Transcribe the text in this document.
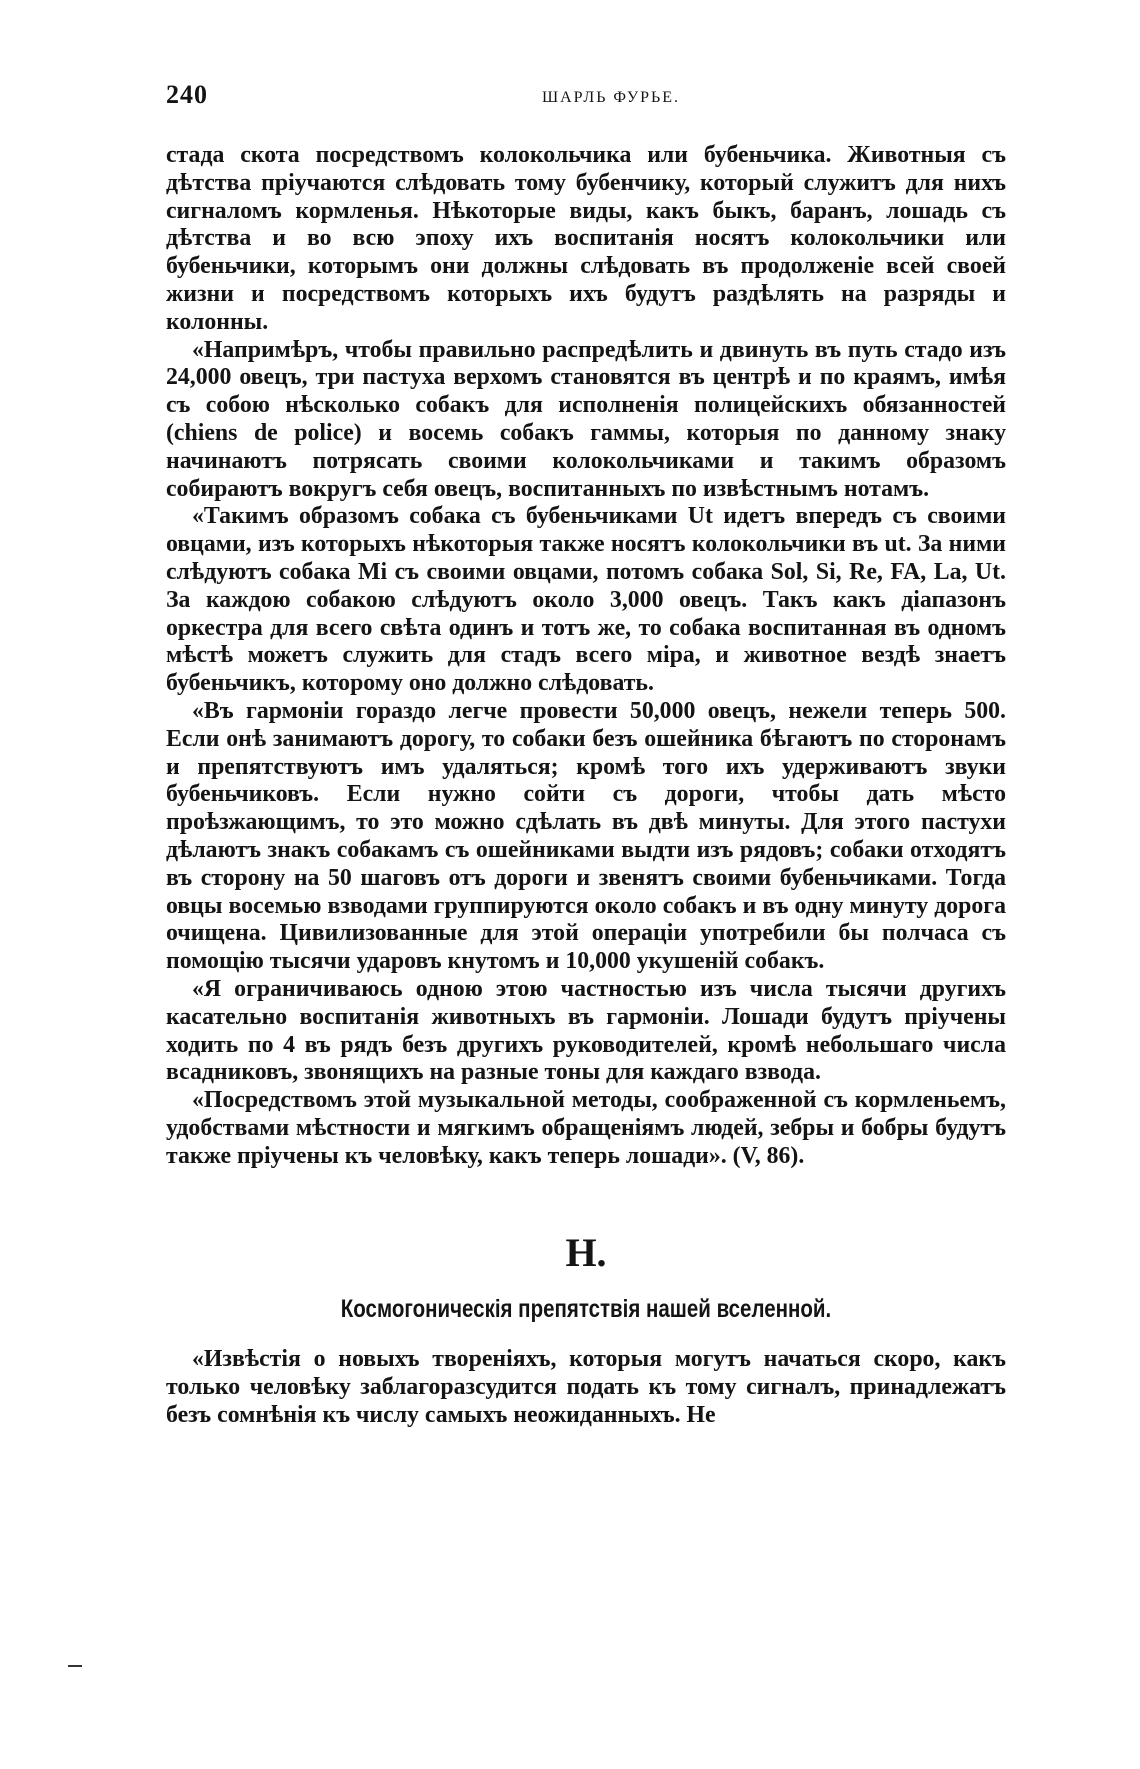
240	ШАРЛЬ ФУРЬЕ.

стада скота посредствомъ колокольчика или бубеньчика. Животныя съ дѣтства пріучаются слѣдовать тому бубенчику, который служитъ для нихъ сигналомъ кормленья. Нѣкоторые виды, какъ быкъ, баранъ, лошадь съ дѣтства и во всю эпоху ихъ воспитанія носятъ колокольчики или бубеньчики, которымъ они должны слѣдовать въ продолженіе всей своей жизни и посредствомъ которыхъ ихъ будутъ раздѣлять на разряды и колонны.

«Напримѣръ, чтобы правильно распредѣлить и двинуть въ путь стадо изъ 24,000 овецъ, три пастуха верхомъ становятся въ центрѣ и по краямъ, имѣя съ собою нѣсколько собакъ для исполненія полицейскихъ обязанностей (chiens de police) и восемь собакъ гаммы, которыя по данному знаку начинаютъ потрясать своими колокольчиками и такимъ образомъ собираютъ вокругъ себя овецъ, воспитанныхъ по извѣстнымъ нотамъ.

«Такимъ образомъ собака съ бубеньчиками Ut идетъ впередъ съ своими овцами, изъ которыхъ нѣкоторыя также носятъ колокольчики въ ut. За ними слѣдуютъ собака Mi съ своими овцами, потомъ собака Sol, Si, Re, FA, La, Ut. За каждою собакою слѣдуютъ около 3,000 овецъ. Такъ какъ діапазонъ оркестра для всего свѣта одинъ и тотъ же, то собака воспитанная въ одномъ мѣстѣ можетъ служить для стадъ всего міра, и животное вездѣ знаетъ бубеньчикъ, которому оно должно слѣдовать.

«Въ гармоніи гораздо легче провести 50,000 овецъ, нежели теперь 500. Если онѣ занимаютъ дорогу, то собаки безъ ошейника бѣгаютъ по сторонамъ и препятствуютъ имъ удаляться; кромѣ того ихъ удерживаютъ звуки бубеньчиковъ. Если нужно сойти съ дороги, чтобы дать мѣсто проѣзжающимъ, то это можно сдѣлать въ двѣ минуты. Для этого пастухи дѣлаютъ знакъ собакамъ съ ошейниками выдти изъ рядовъ; собаки отходятъ въ сторону на 50 шаговъ отъ дороги и звенятъ своими бубеньчиками. Тогда овцы восемью взводами группируются около собакъ и въ одну минуту дорога очищена. Цивилизованные для этой операціи употребили бы полчаса съ помощію тысячи ударовъ кнутомъ и 10,000 укушеній собакъ.

«Я ограничиваюсь одною этою частностью изъ числа тысячи другихъ касательно воспитанія животныхъ въ гармоніи. Лошади будутъ пріучены ходить по 4 въ рядъ безъ другихъ руководителей, кромѣ небольшаго числа всадниковъ, звонящихъ на разные тоны для каждаго взвода.

«Посредствомъ этой музыкальной методы, соображенной съ кормленьемъ, удобствами мѣстности и мягкимъ обращеніямъ людей, зебры и бобры будутъ также пріучены къ человѣку, какъ теперь лошади». (V, 86).

H.
Космогоническія препятствія нашей вселенной.

«Извѣстія о новыхъ твореніяхъ, которыя могутъ начаться скоро, какъ только человѣку заблагоразсудится подать къ тому сигналъ, принадлежатъ безъ сомнѣнія къ числу самыхъ неожиданныхъ. Не
